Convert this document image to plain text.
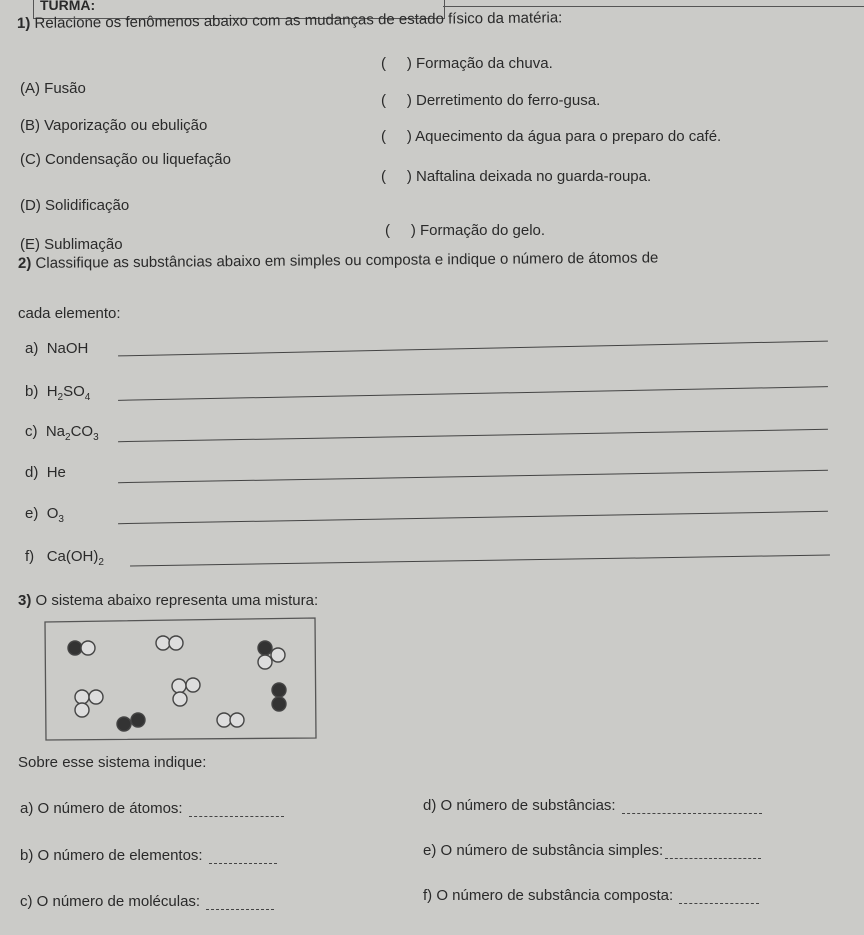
TURMA:
1) Relacione os fenômenos abaixo com as mudanças de estado físico da matéria:
(A) Fusão
(B) Vaporização ou ebulição
(C) Condensação ou liquefação
(D) Solidificação
(E) Sublimação
(     ) Formação da chuva.
(     ) Derretimento do ferro-gusa.
(     ) Aquecimento da água para o preparo do café.
(     ) Naftalina deixada no guarda-roupa.
(     ) Formação do gelo.
2) Classifique as substâncias abaixo em simples ou composta e indique o número de átomos de
cada elemento:
a) NaOH
b) $H_2SO_4$
c) $Na_2CO_3$
d) He
e) $O_3$
f) $Ca(OH)_2$
3) O sistema abaixo representa uma mistura:
Sobre esse sistema indique:
a) O número de átomos:
b) O número de elementos:
c) O número de moléculas:
d) O número de substâncias:
e) O número de substância simples:
f) O número de substância composta:
